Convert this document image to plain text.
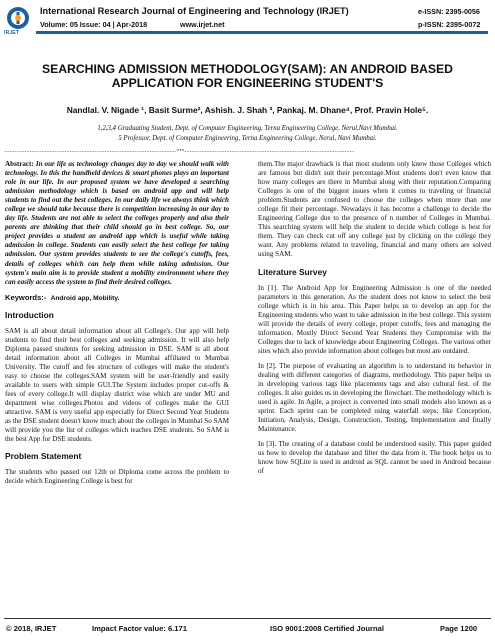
IRJET
International Research Journal of Engineering and Technology (IRJET)
Volume: 05 Issue: 04 | Apr-2018	www.irjet.net
e-ISSN: 2395-0056
p-ISSN: 2395-0072
SEARCHING ADMISSION METHODOLOGY(SAM): AN ANDROID BASED APPLICATION FOR ENGINEERING STUDENT'S
Nandlal. V. Nigade ¹, Basit Surme², Ashish. J. Shah ³, Pankaj. M. Dhane⁴, Prof. Pravin Hole⁵.
1,2,3,4 Graduating Student, Dept. of Computer Engineering, Terna Engineering College, Nerul,Navi Mumbai.
5 Professor, Dept. of Computer Engineering, Terna Engineering College, Nerul, Navi Mumbai.
---------------------------------------------------------------------***--------------------------------------------------------------------

Abstract: In our life as technology changes day to day we should walk with technology. In this the handheld devices & smart phones plays an important role in our life. In our proposed system we have developed a searching admission methodology which is based on android app and will help students to find out the best colleges. In our daily life we always think which college we should take because there is competition increasing in our day to day life. Students are not able to select the colleges properly and also their parents are thinking that their child should go in best college. So, our project provides a student an android app which is useful while taking admission in college. Students can easily select the best college for taking admission. Our system provides students to see the college's cutoffs, fees, details of colleges which can help them while taking admission. Our system's main aim is to provide student a mobility environment where they can easily access the system to find their desired colleges.

Keywords:- Android app, Mobility.
Introduction

SAM is all about detail information about all College's. Our app will help students to find their best colleges and seeking admission. It will also help Diploma passed students for seeking admission in DSE. SAM is all about detail information about all Colleges in Mumbai affiliated to Mumbai University. The cutoff and fee structure of colleges will make the student's easy to choose the colleges.SAM system will be user-friendly and easily available to users with simple GUI.The System includes proper cut-offs & fees of every college.It will display district wise which are under MU and department wise colleges.Photos and videos of colleges make the GUI attractive. SAM is very useful app especially for Direct Second Year Students as the DSE student doesn't know much about the colleges in Mumbai So SAM will provide you the list of colleges which teaches DSE students. So SAM is the best App for DSE students.

Problem Statement

The students who passed out 12th or Diploma come across the problem to decide which Engineering College is best for

them.The major drawback is that most students only knew those Colleges which are famous but didn't suit their percentage.Most students don't even know that how many colleges are there in Mumbai along with their reputation.Comparing Colleges is one of the biggest issues when it comes to traveling or financial problem.Students are confused to choose the colleges when more than one college fit their percentage. Nowadays it has become a challenge to decide the Engineering College due to the presence of n number of Colleges in Mumbai. This searching system will help the student to decide which college is best for them. They can check cut off any college just by clicking on the college they want. Any problems related to traveling, financial and many others are solved using SAM.

Literature Survey

In [1]. The Android App for Engineering Admission is one of the needed parameters in this generation. As the student does not know to select the best college which is in his area. This Paper helps us to develop an app for the Engineering students who want to take admission in the best college. This system will provide the details of every college, proper cutoffs, fees and managing the information. Mostly Direct Second Year Students they Compromise with the Colleges due to lack of knowledge about Engineering Colleges. The various other sites which also provide information about colleges but most are outdated.

In [2]. The purpose of evaluating an algorithm is to understand its behavior in dealing with different categories of diagrams, methodology. This paper helps us in developing various tags like placements tags and also cultural fest. of the colleges. It also guides us in developing the flowchart. The methodology which is used is agile. In Agile, a project is converted into small models also known as a sprint. Each sprint can be completed using waterfall steps; like Conception, Initiation, Analysis, Design, Construction, Testing, Implementation and finally Maintenance.

In [3]. The creating of a database could be understood easily. This paper guided us how to develop the database and filter the data from it. The book helps us to know how SQLite is used in android as SQL cannot be used in Android because of

© 2018, IRJET	Impact Factor value: 6.171	ISO 9001:2008 Certified Journal	Page 1200
